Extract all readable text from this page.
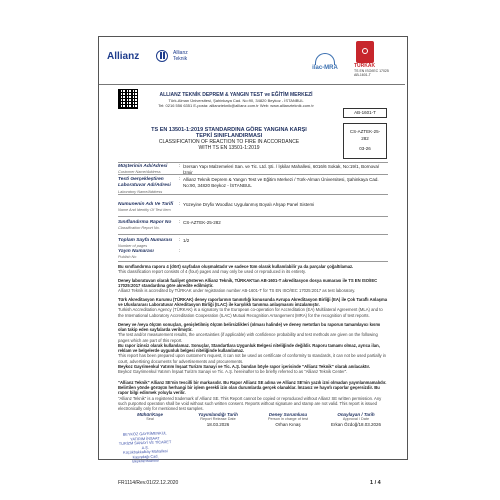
Allianz	Allianz
Teknik
ilac-MRA	TÜRKAK
TS EN ISO/IEC 17025
AB-1601-T
ALLIANZ TEKNİK DEPREM & YANGIN TEST ve EĞİTİM MERKEZİ
Türk-Alman Üniversitesi, Şahinkaya Cad. No:90, 34820 Beykoz - İSTANBUL
Tel: 0216 556 6351 E-posta: allianzteknik@allianz.com.tr Web: www.allianzteknik.com.tr
AB-1601-T
CS-AZTEK-25-
282
03-26
TS EN 13501-1:2019 STANDARDINA GÖRE YANGINA KARŞI
TEPKİ SINIFLANDIRMASI
CLASSIFICATION OF REACTION TO FIRE IN ACCORDANCE
WITH TS EN 13501-1:2019
Müşterinin Adı/Adresi
Customer Name/Address
: İzersan Yapı Malzemeleri San. ve Tic. Ltd. Şti. / İşkilar Mahallesi, 6016/6 Sokak, No:19/1, Bornova/İzmir
Testi Gerçekleştiren Laboratuvar Adı/Adresi
Laboratory Name/Address
: Allianz Teknik Deprem & Yangın Test ve Eğitim Merkezi / Türk-Alman Üniversitesi, Şahinkaya Cad. No:90, 34820 Beykoz - İSTANBUL
Numunenin Adı Ve Tarifi
Name And Identity Of Test Item
: Yüzeyine Dryfix Woodlac Uygulanmış Boyalı Ahşap Panel Sistemi
Sınıflandırma Rapor No
Classification Report No.
: CS-AZTEK-25-282
Toplam Sayfa Numarası
Number of pages
: 1/2
Yayın Numarası
Publish No
:
Bu sınıflandırma raporu 4 (dört) sayfadan oluşmaktadır ve sadece tüm olarak kullanılabilir ya da parçalar çoğaltılamaz.
This classification report consists of 4 (four) pages and may only be used or reproduced in its entirety.
Deney laboratuvarı olarak faaliyet gösteren Allianz Teknik, TÜRKAK'tan AB-1601-T akreditasyon dosya numarası ile TS EN ISO/IEC 17025:2017 standardına göre akredite edilmiştir.
Allianz Teknik is accredited by TÜRKAK under registration number AB-1601-T for TS EN ISO/IEC 17025:2017 as test laboratory.
Türk Akreditasyon Kurumu (TÜRKAK) deney raporlarının tanınırlığı konusunda Avrupa Akreditasyon Birliği (EA) ile Çok Taraflı Anlaşma ve Uluslararası Laboratuvar Akreditasyon Birliği (ILAC) ile karşılıklı tanınma anlaşmasını imzalamıştır.
Turkish Accreditation Agency (TÜRKAK) is a signatory to the European co-operation for Accreditation (EA) Multilateral Agreement (MLA) and to the International Laboratory Accreditation Cooperation (ILAC) Mutual Recognition Arrangement (MRA) for the recognition of test reports.
Deney ve /veya ölçüm sonuçları, genişletilmiş ölçüm belirsizlikleri (olması halinde) ve deney metotları bu raporun tamamlayıcı kısmı olan takip eden sayfalarda verilmiştir.
The test and/or measurement results, the uncertainties (if applicable) with confidence probability and test methods are given on the following pages which are part of this report.
Bu rapor izinsiz olarak kullanılamaz. Sonuçlar, Standartlara Uygunluk Belgesi niteliğinde değildir. Raporu tamamı olmaz, ayrıca ilan, reklam ve belgelerde uygunluk belgesi niteliğinde kullanılamaz.
This report has been prepared upon customer's request, it can not be used as certificate of conformity to standards, it can not be used partially in court, advertising documents for advertisements and procurements.
Beykoz Gayrimenkul Yatırım İnşaat Turizm Sanayi ve Tic. A.Ş. bundan böyle rapor içerisinde "Allianz Teknik" olarak anılacaktır.
Beykoz Gayrimenkul Yatırım İnşaat Turizm Sanayi ve Tic. A.Ş. hereinafter to be briefly referred to as "Allianz Teknik Center".
"Allianz Teknik" Allianz SE'nin tescilli bir markasıdır. Bu Rapor Allianz SE adına ve Allianz SE'nin yazılı izni olmadan yayınlanmamalıdır. Belirtilen yönde görüşün herhangi bir işlem gerekli izin olan durumlarda gerçek olanaklar. İmzasız ve hayırlı raporlar geçersizdir. Bu rapor bilgi edinmek yoluyla verilir.
"Allianz Teknik" is a registered trademark of Allianz SE. This Report cannot be copied or reproduced without Allianz SE written permission. Any such purported operation shall be void without such written consent. Reports without signature and stamp are not valid. This report is issued electronically only for mentioned test samples.
Mühür/Kaşe
Seal
Yayımlandığı Tarih
Report Release Date
18.03.2026
Deney Sorumlusu
Person in charge of test
Orhan Kınaş
Onaylayan / Tarih
Approval / Date
Erkan Özdoğ/18.03.2026
BEYKOZ GAYRİMENKUL YATIRIM İNŞAAT
TURİZM SANAYİ VE TİCARET A.Ş.
Küçükbakkalköy Mahallesi Kayışdağı Cad.
Beykoz/İstanbul
FR1114/Rev.01/22.12.2020	1 / 4
